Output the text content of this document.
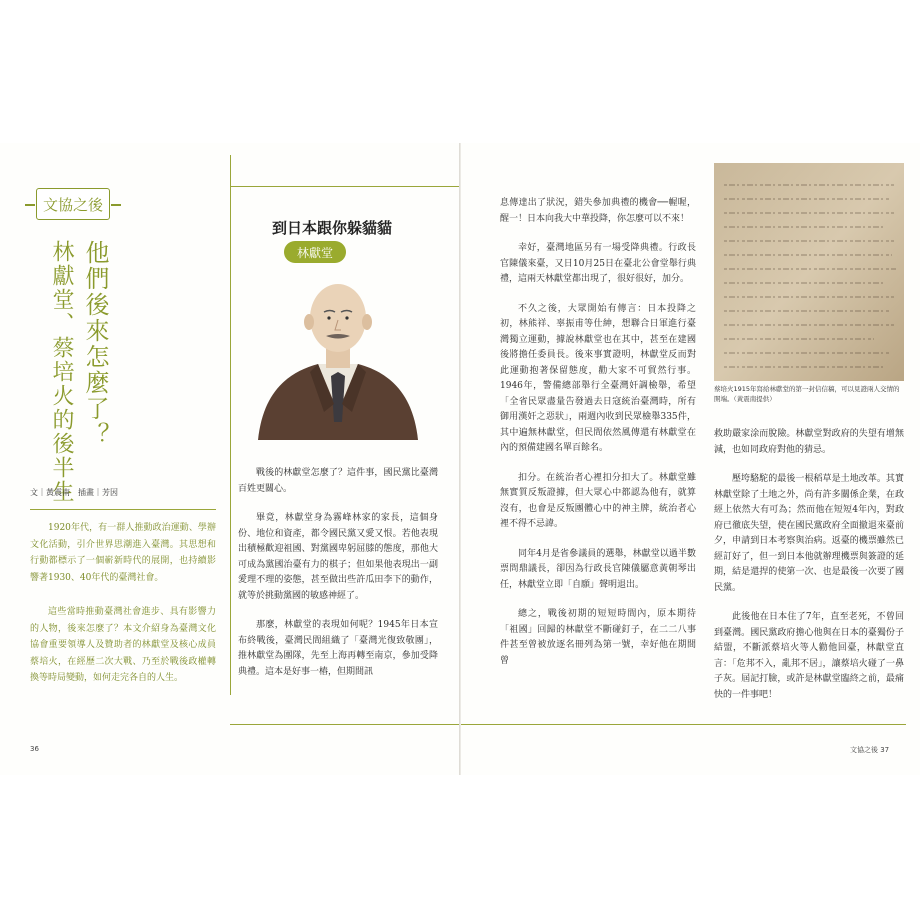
文協之後
他們後來怎麼了？
林獻堂、蔡培火的後半生
文｜黃震南　插畫｜芳因

1920年代，有一群人推動政治運動、學辦文化活動，引介世界思潮進入臺灣。其思想和行動都標示了一個嶄新時代的展開，也持續影響著1930、40年代的臺灣社會。

這些當時推動臺灣社會進步、具有影響力的人物，後來怎麼了？本文介紹身為臺灣文化協會重要領導人及贊助者的林獻堂及核心成員蔡培火，在經歷二次大戰、乃至於戰後政權轉換等時局變動，如何走完各自的人生。

到日本跟你躲貓貓
林獻堂

戰後的林獻堂怎麼了？這件事，國民黨比臺灣百姓更關心。

畢竟，林獻堂身為霧峰林家的家長，這個身份、地位和資產，都令國民黨又愛又恨。若他表現出積極歡迎祖國、對黨國卑躬屈膝的態度，那他大可成為黨國治臺有力的棋子；但如果他表現出一副愛理不理的姿態，甚至做出些許瓜田李下的動作，就等於挑動黨國的敏感神經了。

那麼，林獻堂的表現如何呢？1945年日本宣布終戰後，臺灣民間組織了「臺灣光復致敬團」，推林獻堂為團隊，先至上海再轉至南京，參加受降典禮。這本是好事一樁，但期間訊

36

息傳達出了狀況，錯失參加典禮的機會──幄喔，醒一！日本向我大中華投降，你怎麼可以不來！

幸好，臺灣地區另有一場受降典禮。行政長官陳儀來臺，又日10月25日在臺北公會堂舉行典禮，這兩天林獻堂都出現了，很好很好，加分。

不久之後，大眾開始有傳言：日本投降之初，林熊祥、辜振甫等仕紳，想聯合日軍進行臺灣獨立運動，據說林獻堂也在其中，甚至在建國後將擔任委員長。後來事實證明，林獻堂反而對此運動抱著保留態度，勸大家不可貿然行事。1946年，警備總部舉行全臺灣奸調檢舉，希望「全省民眾盡量告發過去日寇統治臺灣時，所有御用漢奸之惡狀」，兩週內收到民眾檢舉335件，其中遍無林獻堂，但民間依然風傳還有林獻堂在內的預備建國名單百餘名。

扣分。在統治者心裡扣分扣大了。林獻堂雖無實質反叛證據，但大眾心中都認為他有，就算沒有，也會是反叛團體心中的神主牌，統治者心裡不得不忌諱。

同年4月是省參議員的選舉，林獻堂以過半數票問鼎議長，卻因為行政長官陳儀屬意黃朝琴出任，林獻堂立即「自願」聲明退出。

總之，戰後初期的短短時間內，原本期待「祖國」回歸的林獻堂不斷碰釘子，在二二八事件甚至曾被放逐名冊列為第一號，幸好他在期間曾

蔡培火1915年寫給林獻堂的第一封信信稿，可以見證兩人交情的開端。（黃震南提供）

救助嚴家涂而脫險。林獻堂對政府的失望有增無減，也如同政府對他的猜忌。

壓垮駱駝的最後一根稻草是土地改革。其實林獻堂除了土地之外，尚有許多關係企業，在政經上依然大有可為；然而他在短短4年內，對政府已徹底失望，使在國民黨政府全面撤退來臺前夕，申請到日本考察與治病。返臺的機票雖然已經訂好了，但一到日本他就辦理機票與簽證的延期，結是還捍的使第一次、也是最後一次要了國民黨。

此後他在日本住了7年，直至老死，不曾回到臺灣。國民黨政府擔心他與在日本的臺獨份子結盟，不斷派蔡培火等人勸他回臺，林獻堂直言：「危邦不入，亂邦不居」，讓蔡培火碰了一鼻子灰。屆記打臉，或許是林獻堂臨終之前，最痛快的一件事吧！

文協之後 37
